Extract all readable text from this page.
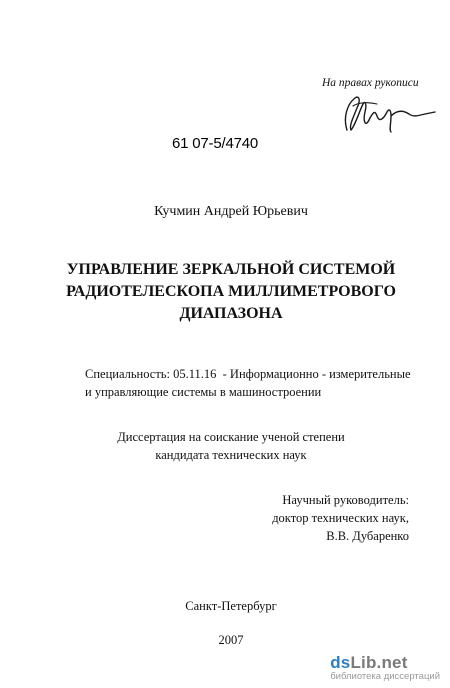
На правах рукописи
61 07-5/4740
Кучмин Андрей Юрьевич
УПРАВЛЕНИЕ ЗЕРКАЛЬНОЙ СИСТЕМОЙ
РАДИОТЕЛЕСКОПА МИЛЛИМЕТРОВОГО
ДИАПАЗОНА
Специальность: 05.11.16  - Информационно - измерительные
и управляющие системы в машиностроении
Диссертация на соискание ученой степени
кандидата технических наук
Научный руководитель:
доктор технических наук,
В.В. Дубаренко
Санкт-Петербург
2007
dsLib.net
библиотека диссертаций
